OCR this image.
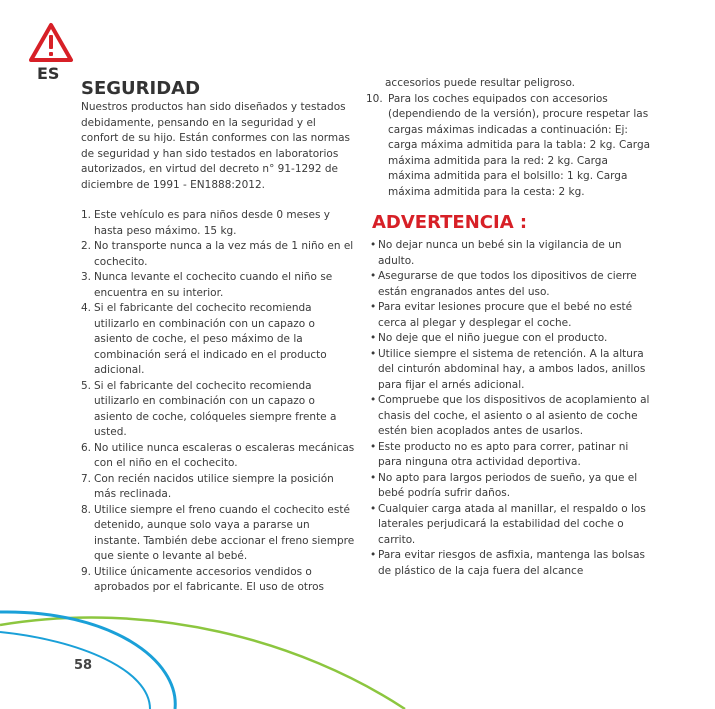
ES
SEGURIDAD

Nuestros productos han sido diseñados y testados debidamente, pensando en la seguridad y el confort de su hijo. Están conformes con las normas de seguridad y han sido testados en laboratorios autorizados, en virtud del decreto n° 91-1292 de diciembre de 1991 - EN1888:2012.

1. Este vehículo es para niños desde 0 meses y hasta peso máximo. 15 kg.
2. No transporte nunca a la vez más de 1 niño en el cochecito.
3. Nunca levante el cochecito cuando el niño se encuentra en su interior.
4. Si el fabricante del cochecito recomienda utilizarlo en combinación con un capazo o asiento de coche, el peso máximo de la combinación será el indicado en el producto adicional.
5. Si el fabricante del cochecito recomienda utilizarlo en combinación con un capazo o asiento de coche, colóqueles siempre frente a usted.
6. No utilice nunca escaleras o escaleras mecánicas con el niño en el cochecito.
7. Con recién nacidos utilice siempre la posición más reclinada.
8. Utilice siempre el freno cuando el cochecito esté detenido, aunque solo vaya a pararse un instante. También debe accionar el freno siempre que siente o levante al bebé.
9. Utilice únicamente accesorios vendidos o aprobados por el fabricante. El uso de otros

accesorios puede resultar peligroso.

10. Para los coches equipados con accesorios (dependiendo de la versión), procure respetar las cargas máximas indicadas a continuación: Ej: carga máxima admitida para la tabla: 2 kg. Carga máxima admitida para la red: 2 kg. Carga máxima admitida para el bolsillo: 1 kg. Carga máxima admitida para la cesta: 2 kg.
ADVERTENCIA :
• No dejar nunca un bebé sin la vigilancia de un adulto.
• Asegurarse de que todos los dipositivos de cierre están engranados antes del uso.
• Para evitar lesiones procure que el bebé no esté cerca al plegar y desplegar el coche.
• No deje que el niño juegue con el producto.
• Utilice siempre el sistema de retención. A la altura del cinturón abdominal hay, a ambos lados, anillos para fijar el arnés adicional.
• Compruebe que los dispositivos de acoplamiento al chasis del coche, el asiento o al asiento de coche estén bien acoplados antes de usarlos.
• Este producto no es apto para correr, patinar ni para ninguna otra actividad deportiva.
• No apto para largos periodos de sueño, ya que el bebé podría sufrir daños.
• Cualquier carga atada al manillar, el respaldo o los laterales perjudicará la estabilidad del coche o carrito.
• Para evitar riesgos de asfixia, mantenga las bolsas de plástico de la caja fuera del alcance
58
